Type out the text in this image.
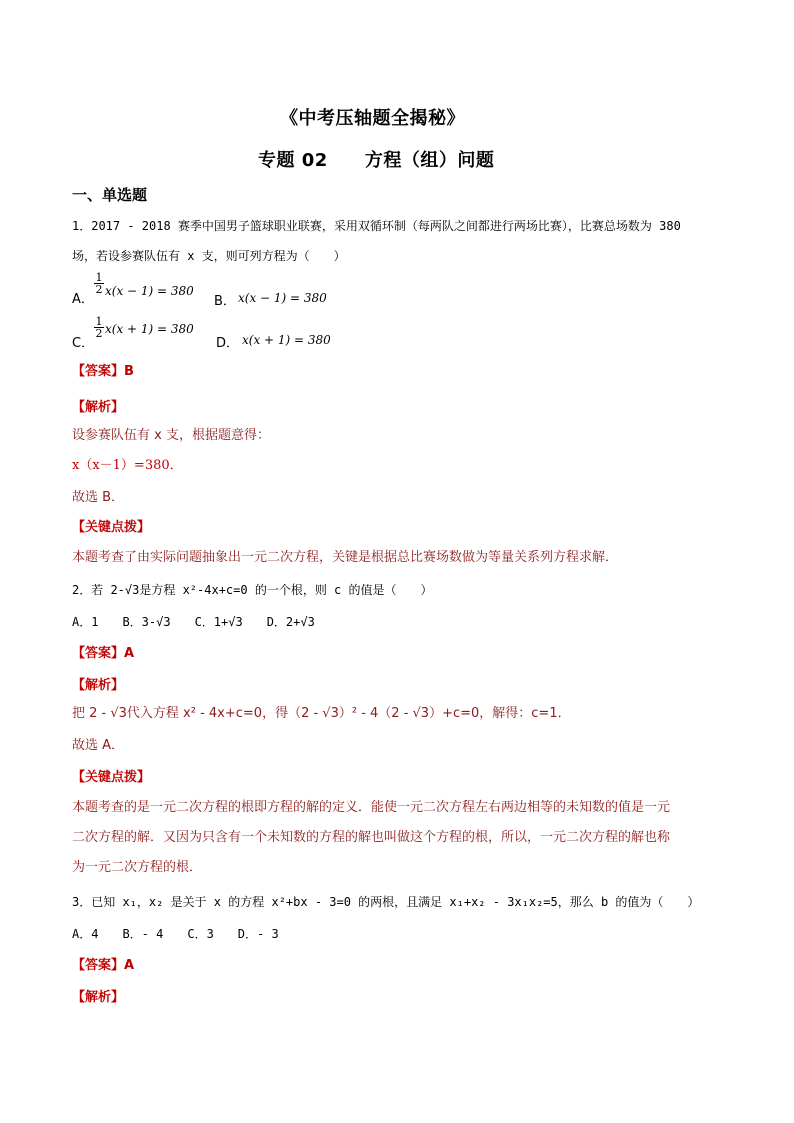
《中考压轴题全揭秘》
专题 02　　方程（组）问题
一、单选题
1．2017 - 2018 赛季中国男子篮球职业联赛，采用双循环制（每两队之间都进行两场比赛），比赛总场数为 380
场，若设参赛队伍有 x 支，则可列方程为（　　）
A．
$\frac{1}{2} x(x - 1) = 380$
B． x(x − 1) = 380
C．
$\frac{1}{2} x(x + 1) = 380$
D． x(x + 1) = 380
【答案】B
【解析】
设参赛队伍有 x 支，根据题意得：
x（x－1）=380．
故选 B．
【关键点拨】
本题考查了由实际问题抽象出一元二次方程，关键是根据总比赛场数做为等量关系列方程求解．
2．若 2-√3是方程 x²-4x+c=0 的一个根，则 c 的值是（　　）
A．1　　B．3-√3　　C．1+√3　　D．2+√3
【答案】A
【解析】
把 2 - √3代入方程 x² - 4x+c=0，得（2 - √3）² - 4（2 - √3）+c=0，解得：c=1．
故选 A．
【关键点拨】
本题考查的是一元二次方程的根即方程的解的定义．能使一元二次方程左右两边相等的未知数的值是一元
二次方程的解．又因为只含有一个未知数的方程的解也叫做这个方程的根，所以，一元二次方程的解也称
为一元二次方程的根．
3．已知 x₁，x₂ 是关于 x 的方程 x²+bx - 3=0 的两根，且满足 x₁+x₂ - 3x₁x₂=5，那么 b 的值为（　　）
A．4　　B．- 4　　C．3　　D．- 3
【答案】A
【解析】
